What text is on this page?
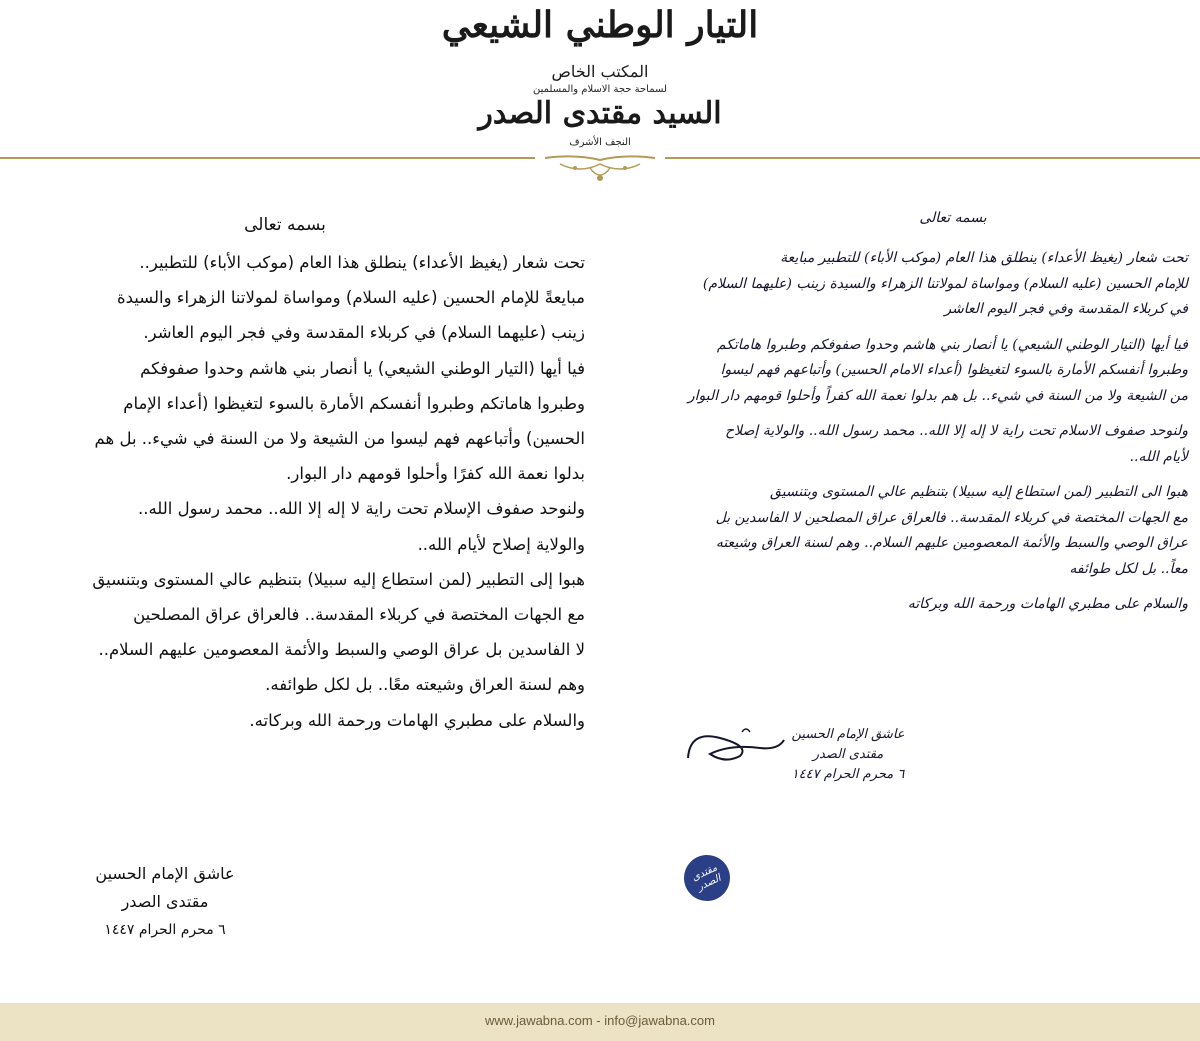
التيار الوطني الشيعي
المكتب الخاص
لسماحة حجة الاسلام والمسلمين
السيد مقتدى الصدر
النجف الأشرف
بسمه تعالى
تحت شعار (يغيظ الأعداء) ينطلق هذا العام (موكب الأباء) للتطبير..
مبايعةً للإمام الحسين (عليه السلام) ومواساة لمولاتنا الزهراء والسيدة
زينب (عليهما السلام) في كربلاء المقدسة وفي فجر اليوم العاشر.
فيا أيها (التيار الوطني الشيعي) يا أنصار بني هاشم وحدوا صفوفكم
وطبروا هاماتكم وطبروا أنفسكم الأمارة بالسوء لتغيظوا (أعداء الإمام
الحسين) وأتباعهم فهم ليسوا من الشيعة ولا من السنة في شيء.. بل هم
بدلوا نعمة الله كفرًا وأحلوا قومهم دار البوار.
ولنوحد صفوف الإسلام تحت راية لا إله إلا الله.. محمد رسول الله..
والولاية إصلاح لأيام الله..
هبوا إلى التطبير (لمن استطاع إليه سبيلا) بتنظيم عالي المستوى وبتنسيق
مع الجهات المختصة في كربلاء المقدسة.. فالعراق عراق المصلحين
لا الفاسدين بل عراق الوصي والسبط والأئمة المعصومين عليهم السلام..
وهم لسنة العراق وشيعته معًا.. بل لكل طوائفه.
والسلام على مطبري الهامات ورحمة الله وبركاته.
عاشق الإمام الحسين
مقتدى الصدر
٦ محرم الحرام ١٤٤٧
بسمه تعالى
تحت شعار (يغيظ الأعداء) ينطلق هذا العام (موكب الأباء) للتطبير مبايعة
للإمام الحسين (عليه السلام) ومواساة لمولاتنا الزهراء والسيدة زينب (عليهما السلام)
في كربلاء المقدسة وفي فجر اليوم العاشر
فيا أيها (التيار الوطني الشيعي) يا أنصار بني هاشم وحدوا صفوفكم وطبروا هاماتكم
وطبروا أنفسكم الأمارة بالسوء لتغيظوا (أعداء الامام الحسين) وأتباعهم فهم ليسوا
من الشيعة ولا من السنة في شيء.. بل هم بدلوا نعمة الله كفراً وأحلوا قومهم دار البوار
ولنوحد صفوف الاسلام تحت راية لا إله إلا الله.. محمد رسول الله.. والولاية إصلاح
لأيام الله..
هبوا الى التطبير (لمن استطاع إليه سبيلا) بتنظيم عالي المستوى وبتنسيق
مع الجهات المختصة في كربلاء المقدسة.. فالعراق عراق المصلحين لا الفاسدين بل
عراق الوصي والسبط والأئمة المعصومين عليهم السلام.. وهم لسنة العراق وشيعته
معاً.. بل لكل طوائفه
والسلام على مطبري الهامات ورحمة الله وبركاته
عاشق الإمام الحسين
مقتدى الصدر
٦ محرم الحرام ١٤٤٧
مقتدى الصدر
www.jawabna.com - info@jawabna.com
